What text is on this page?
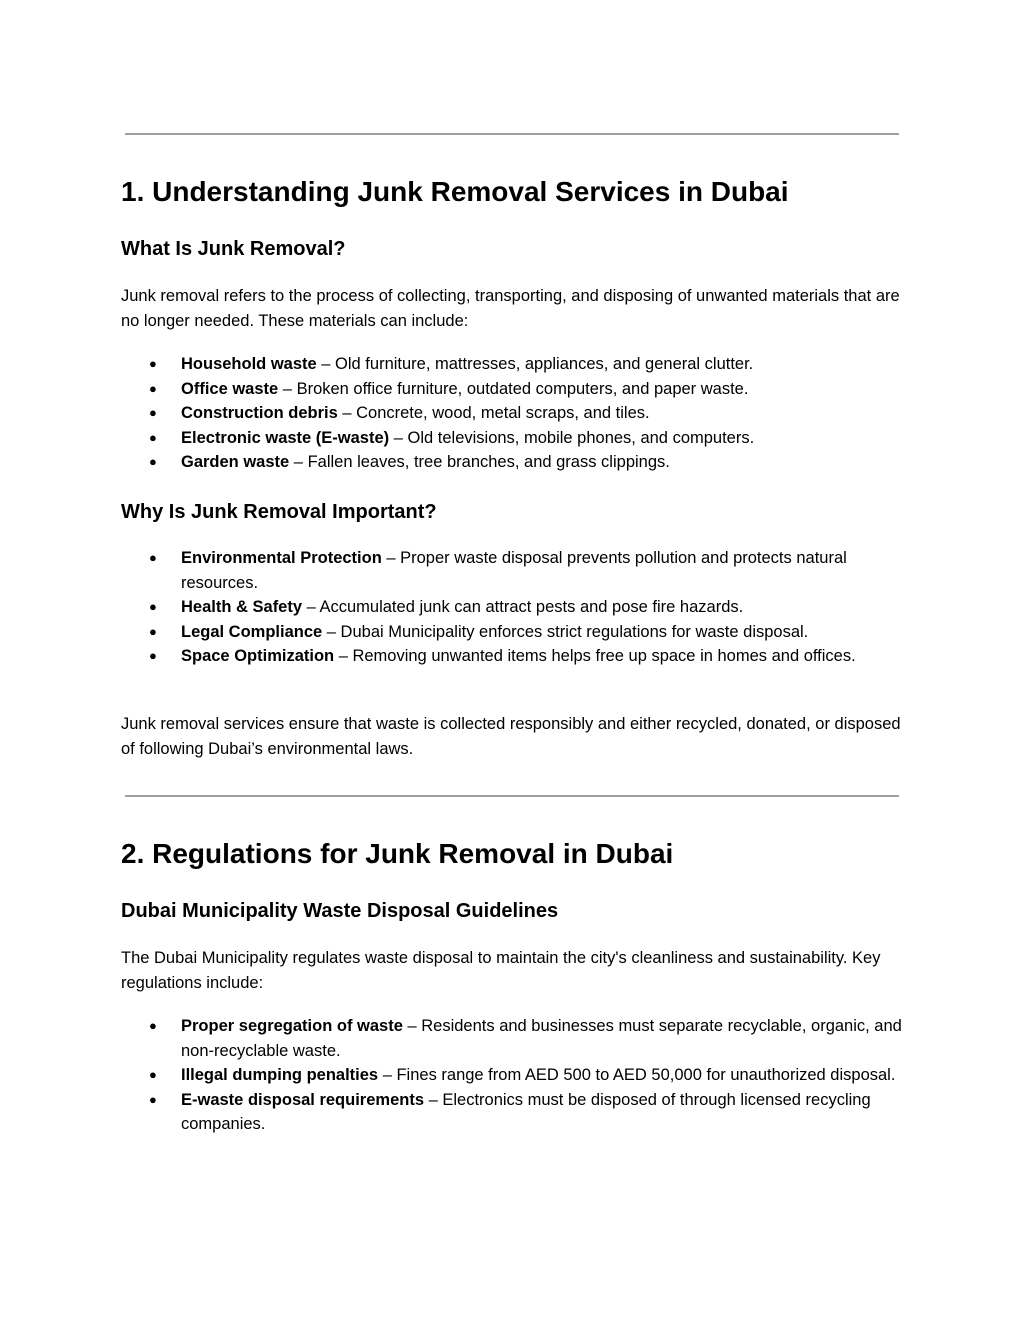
1. Understanding Junk Removal Services in Dubai
What Is Junk Removal?

Junk removal refers to the process of collecting, transporting, and disposing of unwanted materials that are no longer needed. These materials can include:

● Household waste – Old furniture, mattresses, appliances, and general clutter.
● Office waste – Broken office furniture, outdated computers, and paper waste.
● Construction debris – Concrete, wood, metal scraps, and tiles.
● Electronic waste (E-waste) – Old televisions, mobile phones, and computers.
● Garden waste – Fallen leaves, tree branches, and grass clippings.
Why Is Junk Removal Important?
● Environmental Protection – Proper waste disposal prevents pollution and protects natural resources.
● Health & Safety – Accumulated junk can attract pests and pose fire hazards.
● Legal Compliance – Dubai Municipality enforces strict regulations for waste disposal.
● Space Optimization – Removing unwanted items helps free up space in homes and offices.

Junk removal services ensure that waste is collected responsibly and either recycled, donated, or disposed of following Dubai’s environmental laws.

2. Regulations for Junk Removal in Dubai
Dubai Municipality Waste Disposal Guidelines

The Dubai Municipality regulates waste disposal to maintain the city's cleanliness and sustainability. Key regulations include:

● Proper segregation of waste – Residents and businesses must separate recyclable, organic, and non-recyclable waste.
● Illegal dumping penalties – Fines range from AED 500 to AED 50,000 for unauthorized disposal.
● E-waste disposal requirements – Electronics must be disposed of through licensed recycling companies.
